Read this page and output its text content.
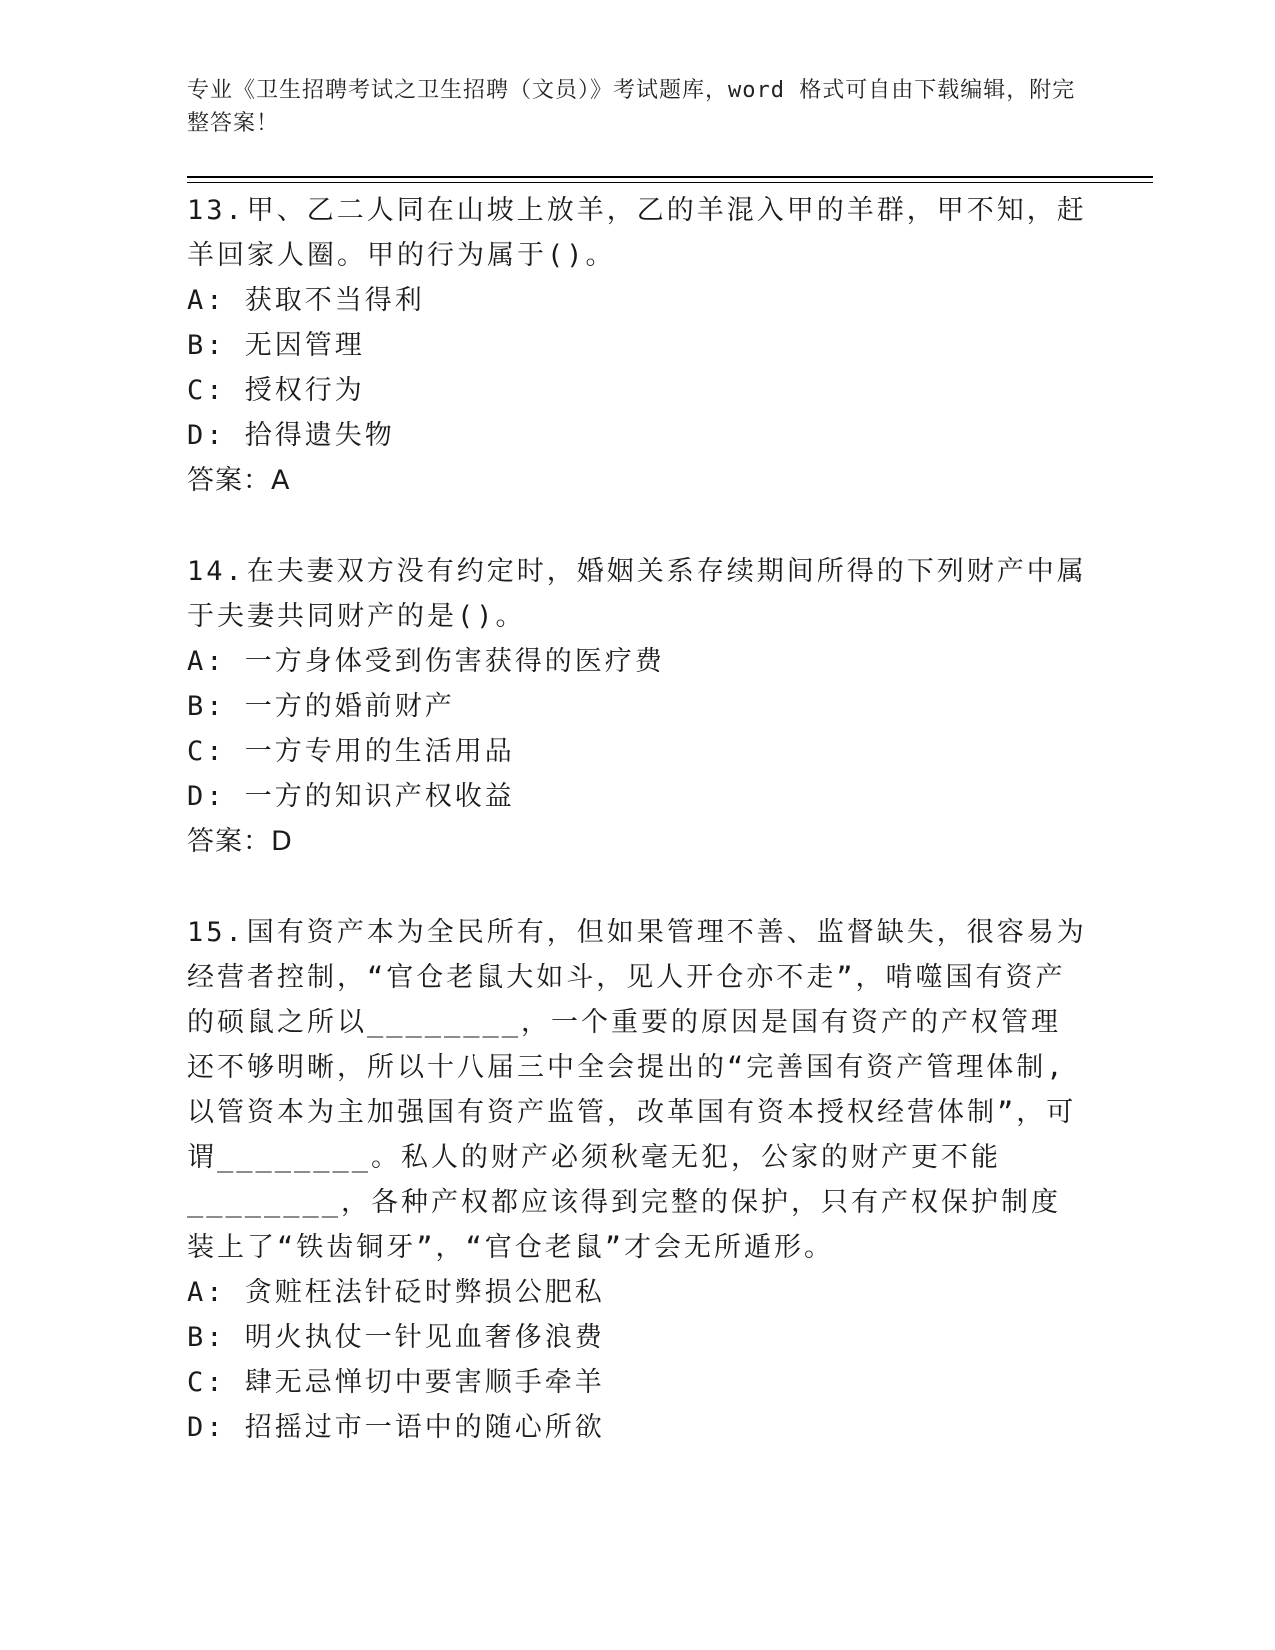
专业《卫生招聘考试之卫生招聘（文员）》考试题库，word 格式可自由下载编辑，附完整答案！

13.甲、乙二人同在山坡上放羊，乙的羊混入甲的羊群，甲不知，赶羊回家人圈。甲的行为属于()。

A: 获取不当得利

B: 无因管理

C: 授权行为

D: 拾得遗失物

答案：A

14.在夫妻双方没有约定时，婚姻关系存续期间所得的下列财产中属于夫妻共同财产的是()。

A: 一方身体受到伤害获得的医疗费

B: 一方的婚前财产

C: 一方专用的生活用品

D: 一方的知识产权收益

答案：D

15.国有资产本为全民所有，但如果管理不善、监督缺失，很容易为经营者控制，“官仓老鼠大如斗，见人开仓亦不走”，啃噬国有资产的硕鼠之所以________，一个重要的原因是国有资产的产权管理还不够明晰，所以十八届三中全会提出的“完善国有资产管理体制,以管资本为主加强国有资产监管，改革国有资本授权经营体制”，可谓________。私人的财产必须秋毫无犯，公家的财产更不能________，各种产权都应该得到完整的保护，只有产权保护制度装上了“铁齿铜牙”，“官仓老鼠”才会无所遁形。

A: 贪赃枉法针砭时弊损公肥私

B: 明火执仗一针见血奢侈浪费

C: 肆无忌惮切中要害顺手牵羊

D: 招摇过市一语中的随心所欲
